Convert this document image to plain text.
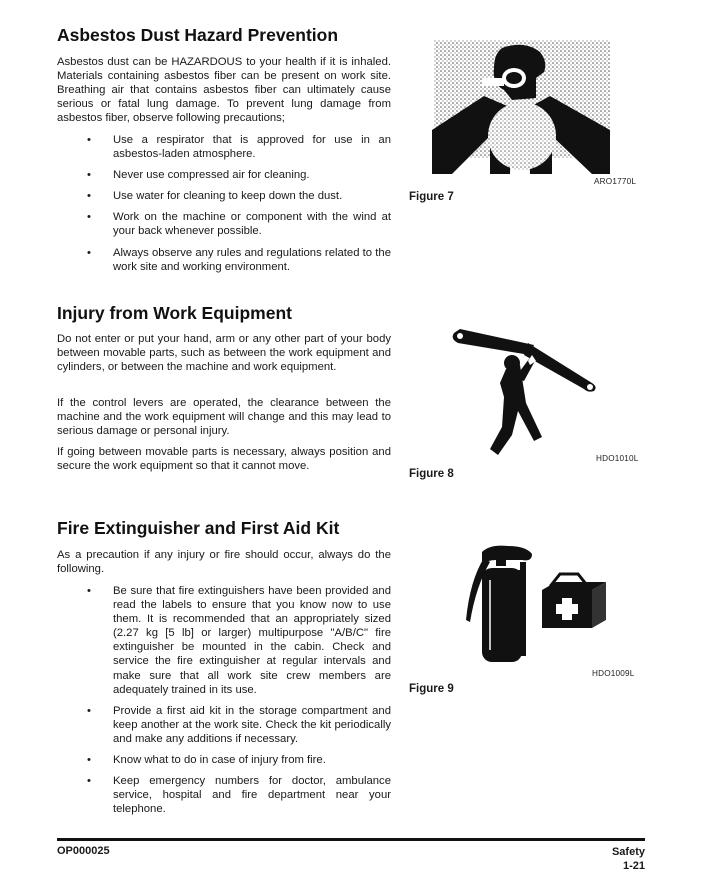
Asbestos Dust Hazard Prevention

Asbestos dust can be HAZARDOUS to your health if it is inhaled. Materials containing asbestos fiber can be present on work site. Breathing air that contains asbestos fiber can ultimately cause serious or fatal lung damage. To prevent lung damage from asbestos fiber, observe following precautions;

• Use a respirator that is approved for use in an asbestos-laden atmosphere.
• Never use compressed air for cleaning.
• Use water for cleaning to keep down the dust.
• Work on the machine or component with the wind at your back whenever possible.
• Always observe any rules and regulations related to the work site and working environment.
ARO1770L
Figure 7
Injury from Work Equipment

Do not enter or put your hand, arm or any other part of your body between movable parts, such as between the work equipment and cylinders, or between the machine and work equipment.

If the control levers are operated, the clearance between the machine and the work equipment will change and this may lead to serious damage or personal injury.

If going between movable parts is necessary, always position and secure the work equipment so that it cannot move.

HDO1010L
Figure 8
Fire Extinguisher and First Aid Kit

As a precaution if any injury or fire should occur, always do the following.

• Be sure that fire extinguishers have been provided and read the labels to ensure that you know now to use them. It is recommended that an appropriately sized (2.27 kg [5 lb] or larger) multipurpose "A/B/C" fire extinguisher be mounted in the cabin. Check and service the fire extinguisher at regular intervals and make sure that all work site crew members are adequately trained in its use.
• Provide a first aid kit in the storage compartment and keep another at the work site. Check the kit periodically and make any additions if necessary.
• Know what to do in case of injury from fire.
• Keep emergency numbers for doctor, ambulance service, hospital and fire department near your telephone.
HDO1009L
Figure 9
OP000025	Safety
1-21
